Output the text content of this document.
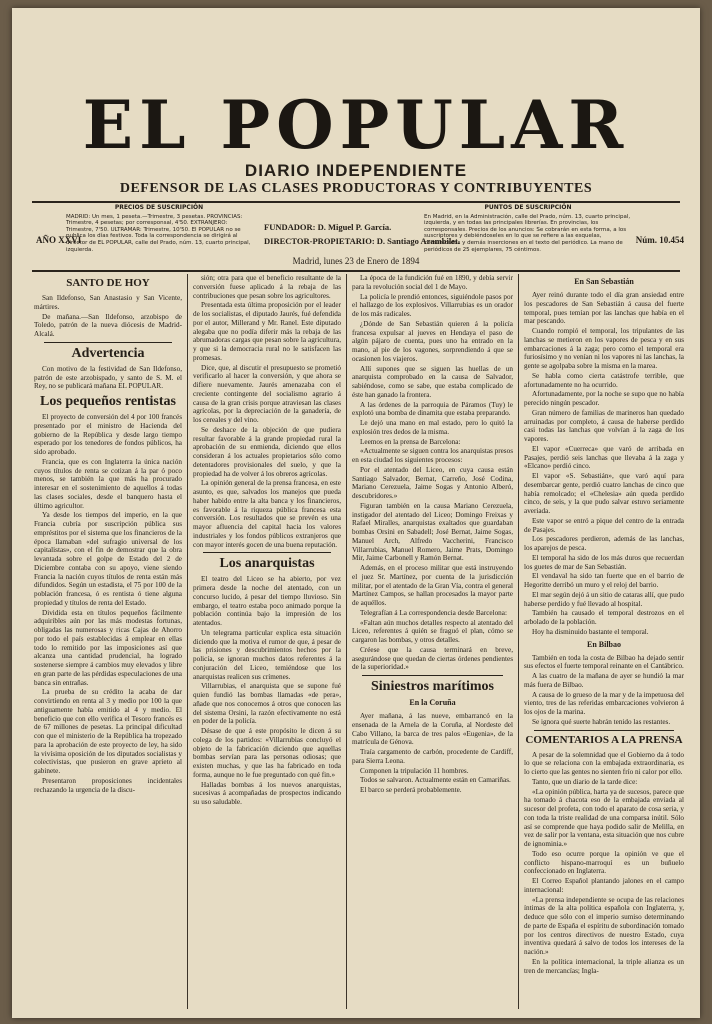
EL POPULAR
DIARIO INDEPENDIENTE
DEFENSOR DE LAS CLASES PRODUCTORAS Y CONTRIBUYENTES
PRECIOS DE SUSCRIPCIÓN
MADRID: Un mes, 1 peseta.—Trimestre, 3 pesetas. PROVINCIAS: Trimestre, 4 pesetas; por corresponsal, 4'50. EXTRANJERO: Trimestre, 7'50. ULTRAMAR: Trimestre, 10'50. El POPULAR no se publica los días festivos. Toda la correspondencia se dirigirá al director de EL POPULAR, calle del Prado, núm. 13, cuarto principal, izquierda.
AÑO XXVI
FUNDADOR: D. Miguel P. García.
DIRECTOR-PROPIETARIO: D. Santiago Arambilet.
PUNTOS DE SUSCRIPCIÓN
En Madrid, en la Administración, calle del Prado, núm. 13, cuarto principal, izquierda, y en todas las principales librerías. En provincias, los corresponsales. Precios de los anuncios: Se cobrarán en esta forma, a los suscriptores y debiéndoseles en lo que se refiere a las esquelas, comunicados y demás inserciones en el texto del periódico. La mano de periódicos de 25 ejemplares, 75 céntimos.
Núm. 10.454
Madrid, lunes 23 de Enero de 1894
SANTO DE HOY

San Ildefonso, San Anastasio y San Vicente, mártires.

De mañana.—San Ildefonso, arzobispo de Toledo, patrón de la nueva diócesis de Madrid-Alcalá.

Advertencia

Con motivo de la festividad de San Ildefonso, patrón de este arzobispado, y santo de S. M. el Rey, no se publicará mañana EL POPULAR.

Los pequeños rentistas

El proyecto de conversión del 4 por 100 francés presentado por el ministro de Hacienda del gobierno de la República y desde largo tiempo esperado por los tenedores de fondos públicos, ha sido aprobado.

Francia, que es con Inglaterra la única nación cuyos títulos de renta se cotizan á la par ó poco menos, se también la que más ha procurado interesar en el sostenimiento de aquellos á todas las clases sociales, desde el banquero hasta el último agricultor.

Ya desde los tiempos del imperio, en la que Francia cubría por suscripción pública sus empréstitos por el sistema que los financieros de la época llamaban «del sufragio universal de los capitalistas», con el fin de demostrar que la obra levantada sobre el golpe de Estado del 2 de Diciembre contaba con su apoyo, viene siendo Francia la nación cuyos títulos de renta están más difundidos. Según un estadista, el 75 por 100 de la población francesa, ó es rentista ó tiene alguna propiedad y títulos de renta del Estado.

Dividida esta en títulos pequeños fácilmente adquiribles aún por las más modestas fortunas, obligadas las numerosas y ricas Cajas de Ahorro por todo el país establecidas á emplear en ellas todo lo remitido por las imposiciones así que alcanza una cantidad prudencial, ha logrado sostenerse siempre á cambios muy elevados y libre en gran parte de las pérdidas especulaciones de una banca sin entrañas.

La prueba de su crédito la acaba de dar convirtiendo en renta al 3 y medio por 100 la que antiguamente había emitido al 4 y medio. El beneficio que con ello verifica el Tesoro francés es de 67 millones de pesetas. La principal dificultad con que el ministerio de la República ha tropezado para la aprobación de este proyecto de ley, ha sido la vivísima oposición de los diputados socialistas y colectivistas, que pusieron en grave aprieto al gabinete.

Presentaron proposiciones incidentales rechazando la urgencia de la discu-

sión; otra para que el beneficio resultante de la conversión fuese aplicado á la rebaja de las contribuciones que pesan sobre los agricultores.

Presentada esta última proposición por el leader de los socialistas, el diputado Jaurés, fué defendida por el autor, Millerand y Mr. Ranel. Este diputado alegaba que no podía diferir más la rebaja de las abrumadoras cargas que pesan sobre la agricultura, y que si la democracia rural no le satisfacen las promesas.

Dice, que, al discutir el presupuesto se prometió verificarlo al hacer la conversión, y que ahora se difiere nuevamente. Jaurés amenazaba con el creciente contingente del socialismo agrario á causa de la gran crisis porque atraviesan las clases agrícolas, por la depreciación de la ganadería, de los cereales y del vino.

Se deshace de la objeción de que pudiera resultar favorable á la grande propiedad rural la aprobación de su enmienda, diciendo que ellos consideran á los actuales propietarios sólo como detentadores provisionales del suelo, y que la propiedad ha de volver á los obreros agrícolas.

La opinión general de la prensa francesa, en este asunto, es que, salvados los manejos que pueda haber habido entre la alta banca y los financieros, es favorable á la riqueza pública francesa esta conversión. Los resultados que se prevén es una mayor afluencia del capital hacia los valores industriales y los fondos públicos extranjeros que con mayor interés gocen de una buena reputación.

Los anarquistas

El teatro del Liceo se ha abierto, por vez primera desde la noche del atentado, con un concurso lucido, á pesar del tiempo lluvioso. Sin embargo, el teatro estaba poco animado porque la población continúa bajo la impresión de los atentados.

Un telegrama particular explica esta situación diciendo que la motiva el rumor de que, á pesar de las prisiones y descubrimientos hechos por la policía, se ignoran muchos datos referentes á la conjuración del Liceo, temiéndose que los anarquistas realicen sus crímenes.

Villarrubias, el anarquista que se supone fué quien fundió las bombas llamadas «de pera», añade que nos conocemos á otros que conocen las del sistema Orsini, la razón efectivamente no está en poder de la policía.

Désase de que á este propósito le dicen á su colega de los partidos: «Villarrubias concluyó el objeto de la fabricación diciendo que aquellas bombas servían para las personas odiosas; que existen muchas, y que las ha fabricado en toda forma, aunque no le fue preguntado con qué fin.»

Halladas bombas á los nuevos anarquistas, sucesivas á acompañadas de prospectos indicando su uso saludable.

La época de la fundición fué en 1890, y debía servir para la revolución social del 1 de Mayo.

La policía le prendió entonces, siguiéndole pasos por el hallazgo de los explosivos. Villarrubias es un orador de los más radicales.

¿Dónde de San Sebastián quieren á la policía francesa expulsar al jueves en Hendaya el paso de algún pájaro de cuenta, pues uno ha entrado en la mano, al pie de los vagones, sorprendiendo á que se ocasionen los viajeros.

Allí supones que se siguen las huellas de un anarquista comprobado en la causa de Salvador, sabiéndose, como se sabe, que estaba complicado de éste han ganado la frontera.

A las órdenes de la parroquia de Páramos (Tuy) le explotó una bomba de dinamita que estaba preparando.

Le dejó una mano en mal estado, pero lo quitó la explosión tres dedos de la misma.

Leemos en la prensa de Barcelona:

«Actualmente se siguen contra los anarquistas presos en esta ciudad los siguientes procesos:

Por el atentado del Liceo, en cuya causa están Santiago Salvador, Bernat, Carreño, José Codina, Mariano Cerezuela, Jaime Sogas y Antonio Alberó, descubridores.»

Figuran también en la causa Mariano Cerezuela, instigador del atentado del Liceo; Domingo Freixas y Rafael Miralles, anarquistas exaltados que guardaban bombas Orsini en Sabadell; José Bernat, Jaime Sogas, Manuel Arch, Alfredo Vaccherini, Francisco Villarrubias, Manuel Romero, Jaime Prats, Domingo Mir, Jaime Carbonell y Ramón Bernat.

Además, en el proceso militar que está instruyendo el juez Sr. Martínez, por cuenta de la jurisdicción militar, por el atentado de la Gran Vía, contra el general Martínez Campos, se hallan procesados la mayor parte de aquéllos.

Telegrafían á La correspondencia desde Barcelona:

«Faltan aún muchos detalles respecto al atentado del Liceo, referentes á quién se fraguó el plan, cómo se cargaron las bombas, y otros detalles.

Créese que la causa terminará en breve, asegurándose que quedan de ciertas órdenes pendientes de la superioridad.»

Siniestros marítimos
En la Coruña

Ayer mañana, á las nueve, embarrancó en la ensenada de la Arnela de la Coruña, al Nordeste del Cabo Villano, la barca de tres palos «Eugenia», de la matrícula de Génova.

Traía cargamento de carbón, procedente de Cardiff, para Sierra Leona.

Componen la tripulación 11 hombres.

Todos se salvaron. Actualmente están en Camariñas.

El barco se perderá probablemente.

En San Sebastián

Ayer reinó durante todo el día gran ansiedad entre los pescadores de San Sebastián á causa del fuerte temporal, pues temían por las lanchas que había en el mar pescando.

Cuando rompió el temporal, los tripulantes de las lanchas se metieron en los vapores de pesca y en sus embarcaciones á la zaga; pero como el temporal era furiosísimo y no venían ni los vapores ni las lanchas, la gente se agolpaba sobre la misma en la marea.

Se habla como cierta catástrofe terrible, que afortunadamente no ha ocurrido.

Afortunadamente, por la noche se supo que no había perecido ningún pescador.

Gran número de familias de marineros han quedado arruinadas por completo, á causa de haberse perdido casi todas las lanchas que volvían á la zaga de los vapores.

El vapor «Cuerreca» que varó de arribada en Pasajes, perdió seis lanchas que llevaba á la zaga y «Elcano» perdió cinco.

El vapor «S. Sebastián», que varó aquí para desembarcar gente, perdió cuatro lanchas de cinco que había remolcado; el «Chelesia» aún queda perdido cinco, de seis, y la que pudo salvar estuvo seriamente averiada.

Este vapor se entró a pique del centro de la entrada de Pasajes.

Los pescadores perdieron, además de las lanchas, los aparejos de pesca.

El temporal ha sido de los más duros que recuerdan los guetes de mar de San Sebastián.

El vendaval ha sido tan fuerte que en el barrio de Hegoritte derribó un muro y el reloj del barrio.

El mar según dejó á un sitio de cataras allí, que pudo haberse perdido y fué llevado al hospital.

También ha causado el temporal destrozos en el arbolado de la población.

Hoy ha disminuido bastante el temporal.

En Bilbao

También en toda la costa de Bilbao ha dejado sentir sus efectos el fuerte temporal reinante en el Cantábrico.

A las cuatro de la mañana de ayer se hundió la mar más fuera de Bilbao.

A causa de lo grueso de la mar y de la impetuosa del viento, tres de las referidas embarcaciones volvieron á los ojos de la marina.

Se ignora qué suerte habrán tenido las restantes.

COMENTARIOS A LA PRENSA

A pesar de la solemnidad que el Gobierno da á todo lo que se relaciona con la embajada extraordinaria, es lo cierto que las gentes no sienten frío ni calor por ello.

Tanto, que un diario de la tarde dice:

«La opinión pública, harta ya de sucesos, parece que ha tomado á chacota eso de la embajada enviada al sucesor del profeta, con todo el aparato de cosa seria, y con toda la triste realidad de una comparsa inútil. Sólo así se comprende que haya podido salir de Melilla, en vez de salir por la ventana, esta situación que nos cubre de ignominia.»

Todo eso ocurre porque la opinión ve que el conflicto hispano-marroquí es un buñuelo confeccionado en Inglaterra.

El Correo Español plantando jalones en el campo internacional:

«La prensa independiente se ocupa de las relaciones íntimas de la alta política española con Inglaterra, y, deduce que sólo con el imperio sumiso determinando de parte de España el espíritu de subordinación tomado por los centros directivos de nuestro Estado, cuya inventiva quedará á salvo de todos los intereses de la nación.»

En la política internacional, la triple alianza es un tren de mercancías; Ingla-
